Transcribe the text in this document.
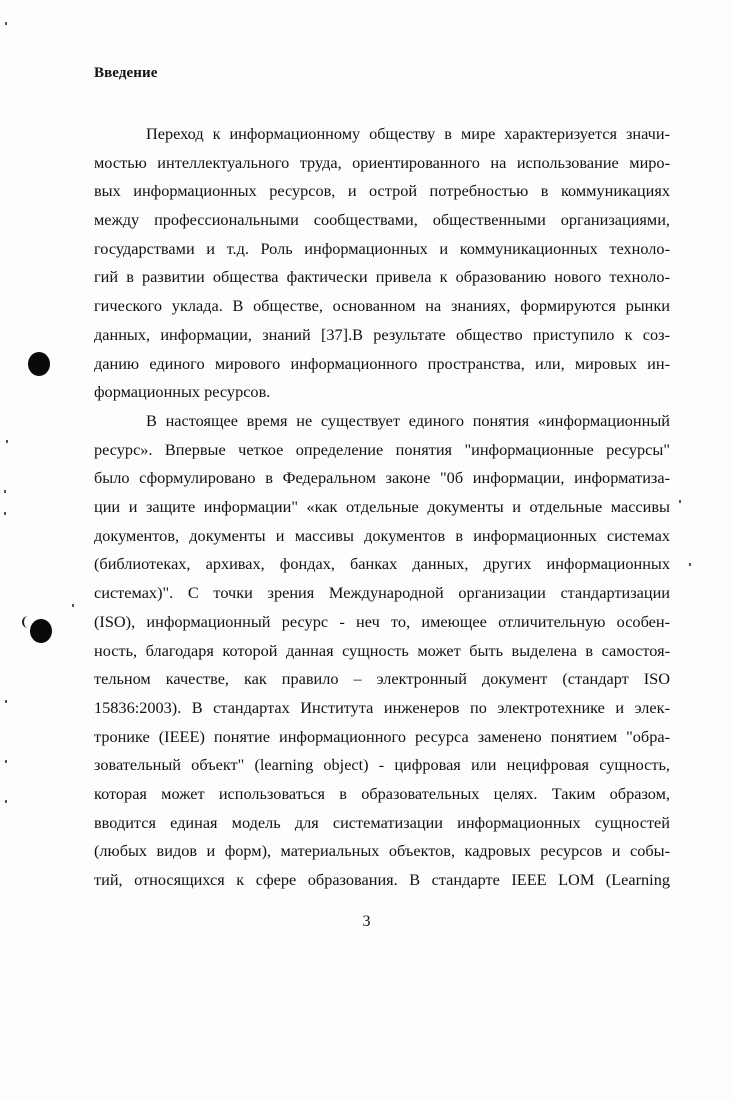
Введение
Переход к информационному обществу в мире характеризуется значи-
мостью интеллектуального труда, ориентированного на использование миро-
вых информационных ресурсов, и острой потребностью в коммуникациях
между профессиональными сообществами, общественными организациями,
государствами и т.д. Роль информационных и коммуникационных техноло-
гий в развитии общества фактически привела к образованию нового техноло-
гического уклада. В обществе, основанном на знаниях, формируются рынки
данных, информации, знаний [37].В результате общество приступило к соз-
данию единого мирового информационного пространства, или, мировых ин-
формационных ресурсов.
В настоящее время не существует единого понятия «информационный
ресурс». Впервые четкое определение понятия "информационные ресурсы"
было сформулировано в Федеральном законе "0б информации, информатиза-
ции и защите информации" «как отдельные документы и отдельные массивы
документов, документы и массивы документов в информационных системах
(библиотеках, архивах, фондах, банках данных, других информационных
системах)". С точки зрения Международной организации стандартизации
(ISO), информационный ресурс - неч то, имеющее отличительную особен-
ность, благодаря которой данная сущность может быть выделена в самостоя-
тельном качестве, как правило – электронный документ (стандарт ISO
15836:2003). В стандартах Института инженеров по электротехнике и элек-
тронике (IEEE) понятие информационного ресурса заменено понятием "обра-
зовательный объект" (learning object) - цифровая или нецифровая сущность,
которая может использоваться в образовательных целях. Таким образом,
вводится единая модель для систематизации информационных сущностей
(любых видов и форм), материальных объектов, кадровых ресурсов и собы-
тий, относящихся к сфере образования. В стандарте IEEE LOM (Learning
3
